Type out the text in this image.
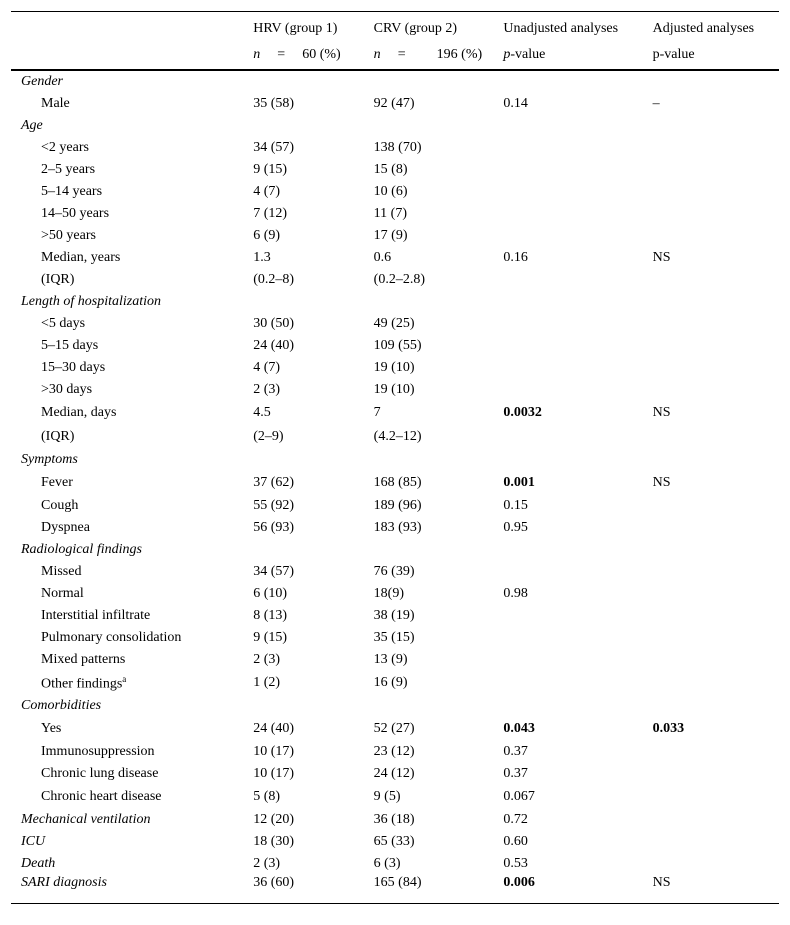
	HRV (group 1)	CRV (group 2)	Unadjusted analyses	Adjusted analyses
	n = 60 (%)	n = 196 (%)	p-value	p-value
Gender				
Male	35 (58)	92 (47)	0.14	–
Age				
<2 years	34 (57)	138 (70)		
2–5 years	9 (15)	15 (8)		
5–14 years	4 (7)	10 (6)		
14–50 years	7 (12)	11 (7)		
>50 years	6 (9)	17 (9)		
Median, years	1.3	0.6	0.16	NS
(IQR)	(0.2–8)	(0.2–2.8)		
Length of hospitalization				
<5 days	30 (50)	49 (25)		
5–15 days	24 (40)	109 (55)		
15–30 days	4 (7)	19 (10)		
>30 days	2 (3)	19 (10)		
Median, days	4.5	7	0.0032	NS
(IQR)	(2–9)	(4.2–12)		
Symptoms				
Fever	37 (62)	168 (85)	0.001	NS
Cough	55 (92)	189 (96)	0.15	
Dyspnea	56 (93)	183 (93)	0.95	
Radiological findings				
Missed	34 (57)	76 (39)		
Normal	6 (10)	18(9)	0.98	
Interstitial infiltrate	8 (13)	38 (19)		
Pulmonary consolidation	9 (15)	35 (15)		
Mixed patterns	2 (3)	13 (9)		
Other findings$^a$	1 (2)	16 (9)		
Comorbidities				
Yes	24 (40)	52 (27)	0.043	0.033
Immunosuppression	10 (17)	23 (12)	0.37	
Chronic lung disease	10 (17)	24 (12)	0.37	
Chronic heart disease	5 (8)	9 (5)	0.067	
Mechanical ventilation	12 (20)	36 (18)	0.72	
ICU	18 (30)	65 (33)	0.60	
Death	2 (3)	6 (3)	0.53	
SARI diagnosis	36 (60)	165 (84)	0.006	NS
